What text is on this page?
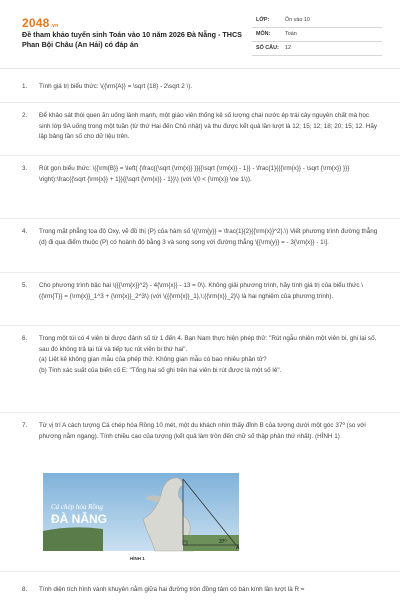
2048.vn
Đề tham khảo tuyển sinh Toán vào 10 năm 2026 Đà Nẵng - THCS Phan Bội Châu (An Hải) có đáp án
LỚP:	Ôn vào 10
MÔN:	Toán
SỐ CÂU: 12
1. Tính giá trị biểu thức: \({\rm{A}} = \sqrt {18} - 2\sqrt 2 \).

2. Để khảo sát thói quen ăn uống lành mạnh, một giáo viên thống kê số lượng chai nước ép trái cây nguyên chất mà học sinh lớp 9A uống trong một tuần (từ thứ Hai đến Chủ nhật) và thu được kết quả lần lượt là 12; 15; 12; 18; 20; 15; 12. Hãy lập bảng tần số cho dữ liệu trên.

3. Rút gọn biểu thức: \({\rm{B}} = \left( {\frac{{\sqrt {\rm{x}} }}{{\sqrt {\rm{x}} - 1}} - \frac{1}{{{\rm{x}} - \sqrt {\rm{x}} }}} \right):\frac{{\sqrt {\rm{x}} + 1}}{{\sqrt {\rm{x}} - 1}}\) (với \(0 < {\rm{x}} \ne 1\)).

4. Trong mặt phẳng tọa độ Oxy, vẽ đồ thị (P) của hàm số \({\rm{y}} = \frac{1}{2}{{\rm{x}}^2}.\) Viết phương trình đường thẳng (d) đi qua điểm thuộc (P) có hoành độ bằng 3 và song song với đường thẳng \[{\rm{y}} = - 3{\rm{x}} - 1\].

5. Cho phương trình bậc hai \({{\rm{x}}^2} - 4{\rm{x}} - 13 = 0\). Không giải phương trình, hãy tính giá trị của biểu thức \({\rm{T}} = {\rm{x}}_1^3 + {\rm{x}}_2^3\) (với \({{\rm{x}}_1},\;{{\rm{x}}_2}\) là hai nghiệm của phương trình).

6. Trong một túi có 4 viên bi được đánh số từ 1 đến 4. Bạn Nam thực hiện phép thử: "Rút ngẫu nhiên một viên bi, ghi lại số, sau đó không trả lại túi và tiếp tục rút viên bi thứ hai".

(a) Liệt kê không gian mẫu của phép thử. Không gian mẫu có bao nhiêu phần tử?

(b) Tính xác suất của biến cố E: "Tổng hai số ghi trên hai viên bi rút được là một số lẻ".

7. Từ vị trí A cách tượng Cá chép hóa Rồng 10 mét, một du khách nhìn thấy đỉnh B của tượng dưới một góc 37⁰ (so với phương nằm ngang). Tính chiều cao của tượng (kết quả làm tròn đến chữ số thập phân thứ nhất). (HÌNH 1)

37⁰
A
Cá chép hóa Rồng
ĐÀ NẴNG
HÌNH 1
8. Tính diện tích hình vành khuyên nằm giữa hai đường tròn đồng tâm có bán kính lần lượt là R =
